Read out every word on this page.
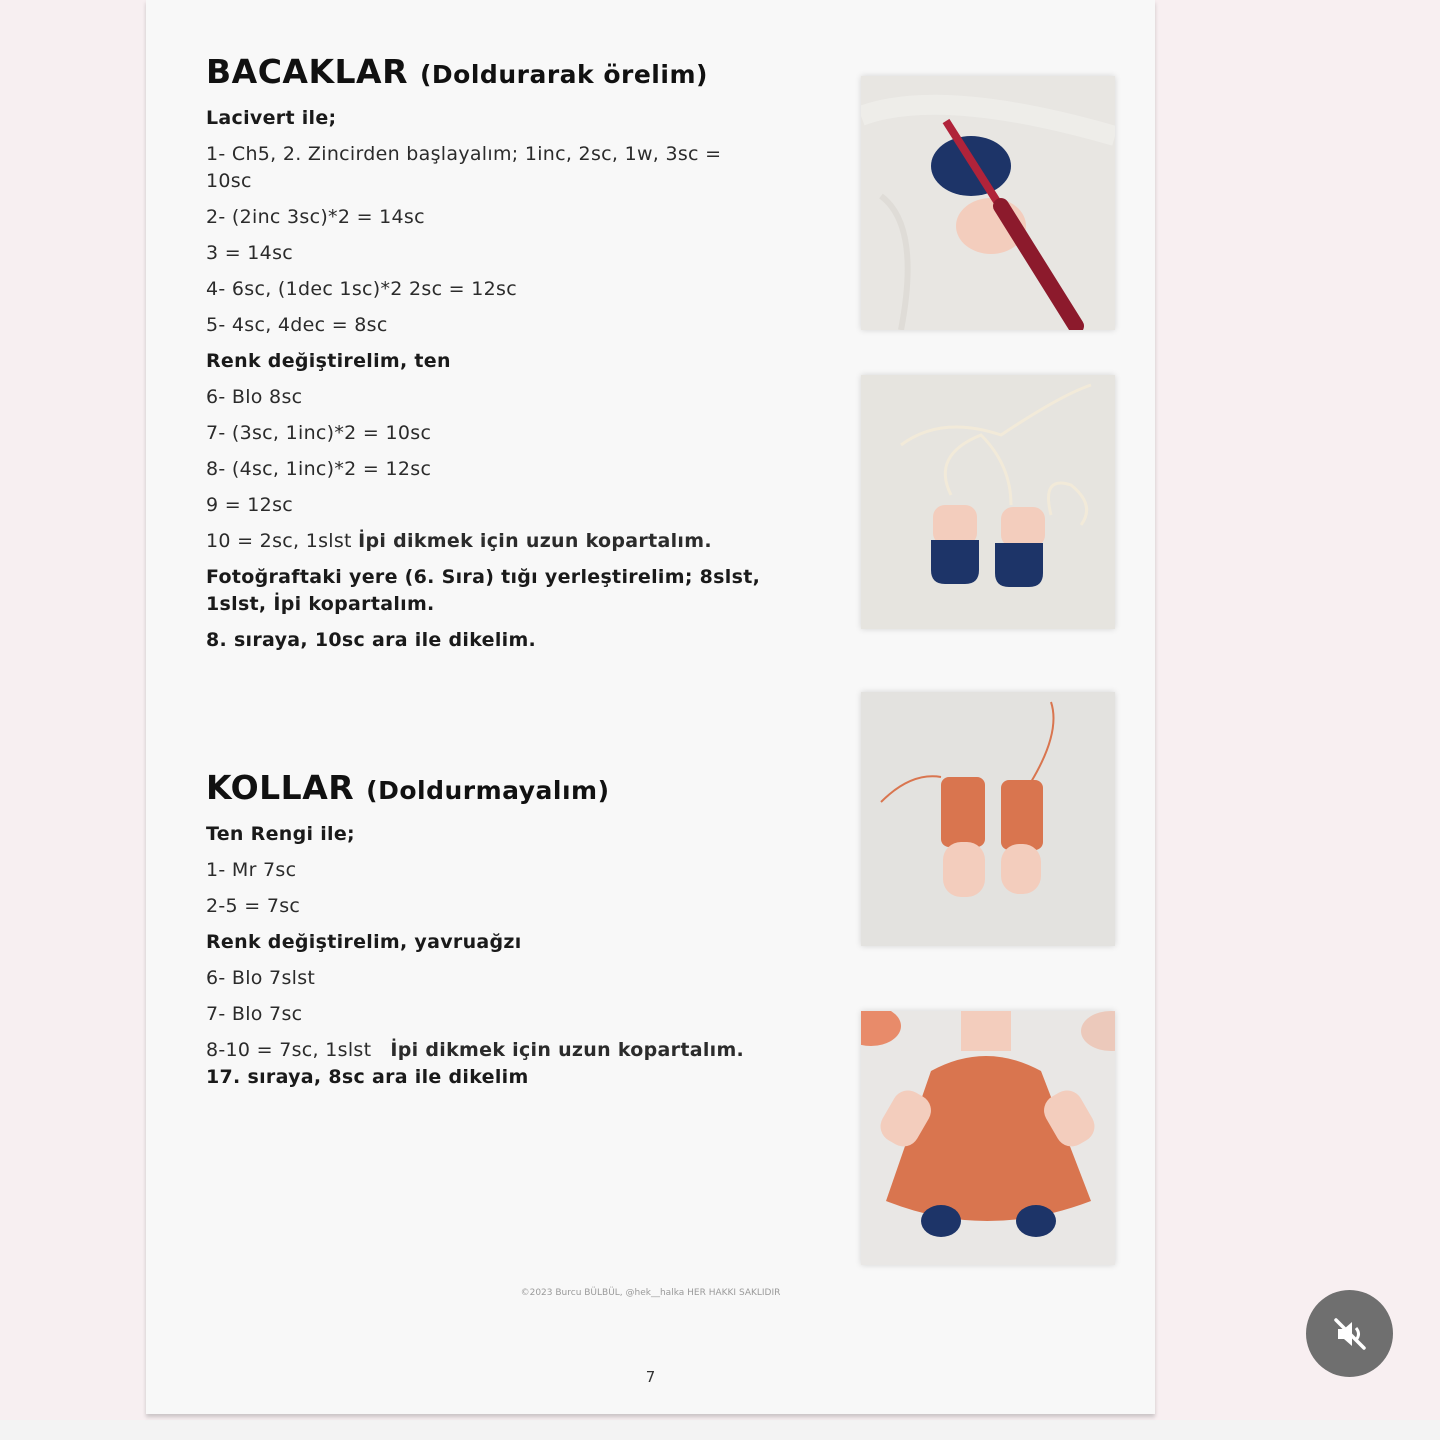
BACAKLAR (Doldurarak örelim)

Lacivert ile;

1- Ch5, 2. Zincirden başlayalım; 1inc, 2sc, 1w, 3sc =

10sc

2- (2inc 3sc)*2 = 14sc

3 = 14sc

4- 6sc, (1dec 1sc)*2 2sc = 12sc

5- 4sc, 4dec = 8sc

Renk değiştirelim, ten

6- Blo 8sc

7- (3sc, 1inc)*2 = 10sc

8- (4sc, 1inc)*2 = 12sc

9 = 12sc

10 = 2sc, 1slst İpi dikmek için uzun kopartalım.

Fotoğraftaki yere (6. Sıra) tığı yerleştirelim; 8slst,

1slst, İpi kopartalım.

8. sıraya, 10sc ara ile dikelim.

KOLLAR (Doldurmayalım)

Ten Rengi ile;

1- Mr 7sc

2-5 = 7sc

Renk değiştirelim, yavruağzı

6- Blo 7slst

7- Blo 7sc

8-10 = 7sc, 1slst İpi dikmek için uzun kopartalım.

17. sıraya, 8sc ara ile dikelim

©2023 Burcu BÜLBÜL, @hek__halka HER HAKKI SAKLIDIR
7
